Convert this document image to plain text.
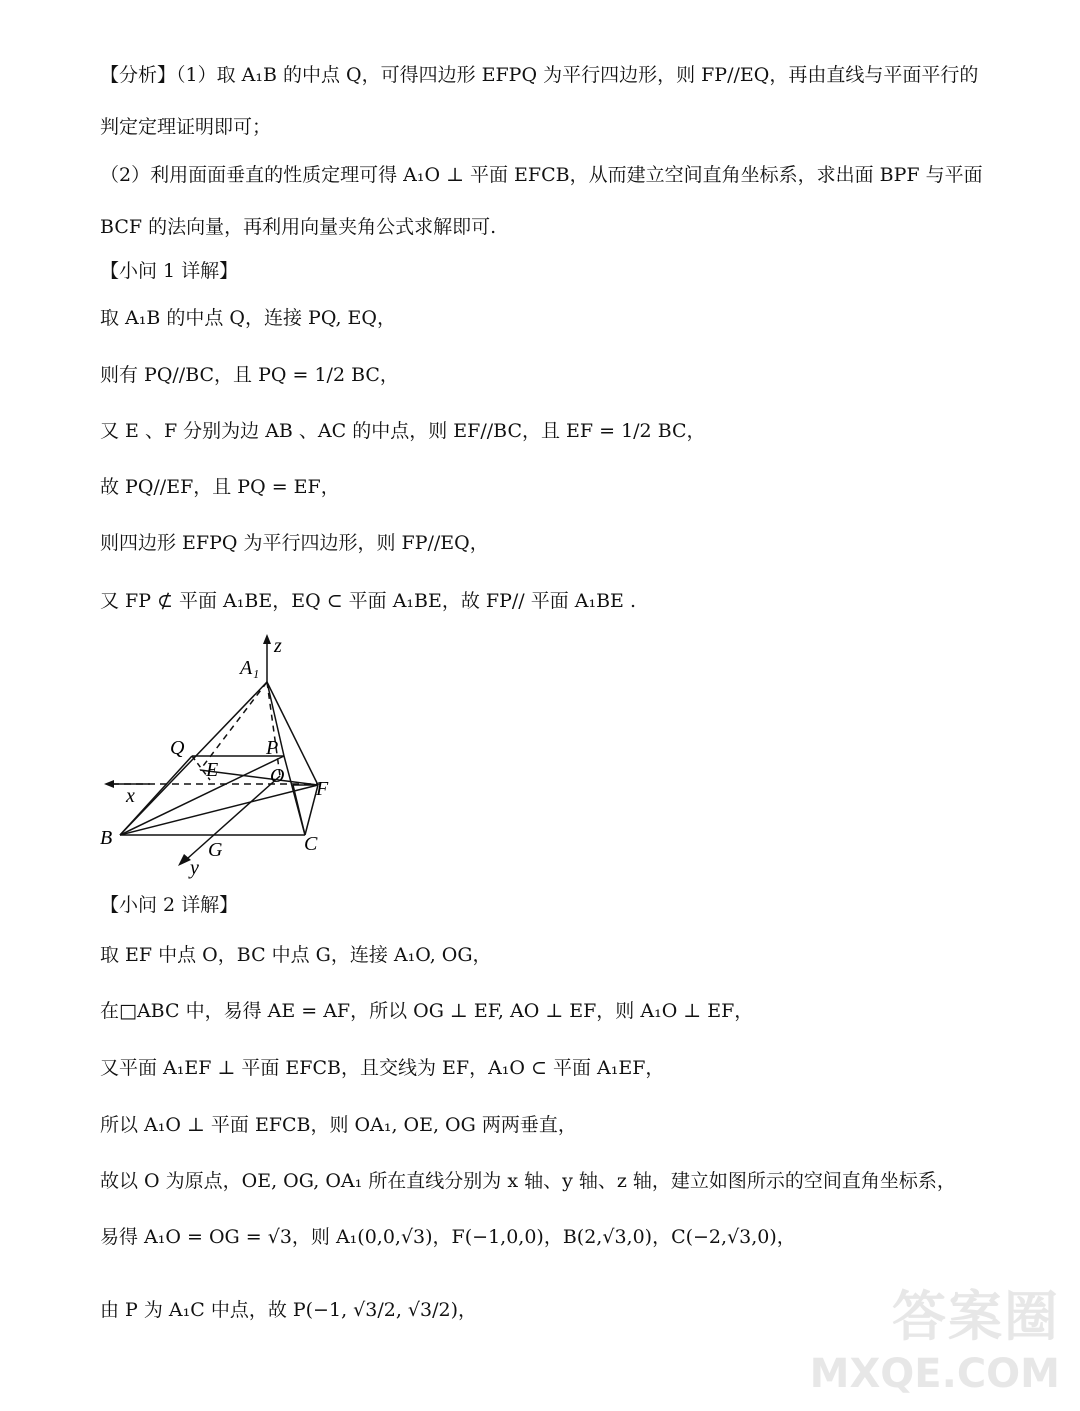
【分析】（1）取 A₁B 的中点 Q，可得四边形 EFPQ 为平行四边形，则 FP//EQ，再由直线与平面平行的
判定定理证明即可；
（2）利用面面垂直的性质定理可得 A₁O ⊥ 平面 EFCB，从而建立空间直角坐标系，求出面 BPF 与平面
BCF 的法向量，再利用向量夹角公式求解即可.
【小问 1 详解】
取 A₁B 的中点 Q，连接 PQ, EQ，
则有 PQ//BC，且 PQ = 1/2 BC，
又 E 、F 分别为边 AB 、AC 的中点，则 EF//BC，且 EF = 1/2 BC，
故 PQ//EF，且 PQ = EF，
则四边形 EFPQ 为平行四边形，则 FP//EQ，
又 FP ⊄ 平面 A₁BE，EQ ⊂ 平面 A₁BE，故 FP// 平面 A₁BE .
z
A₁
Q	P
E	O
x	F
B	C
G
y
【小问 2 详解】
取 EF 中点 O，BC 中点 G，连接 A₁O, OG，
在□ABC 中，易得 AE = AF，所以 OG ⊥ EF, AO ⊥ EF，则 A₁O ⊥ EF，
又平面 A₁EF ⊥ 平面 EFCB，且交线为 EF，A₁O ⊂ 平面 A₁EF，
所以 A₁O ⊥ 平面 EFCB，则 OA₁, OE, OG 两两垂直，
故以 O 为原点，OE, OG, OA₁ 所在直线分别为 x 轴、y 轴、z 轴，建立如图所示的空间直角坐标系，
易得 A₁O = OG = √3，则 A₁(0,0,√3)，F(−1,0,0)，B(2,√3,0)，C(−2,√3,0)，
由 P 为 A₁C 中点，故 P(−1, √3/2, √3/2)，	答案圈
MXQE.COM
